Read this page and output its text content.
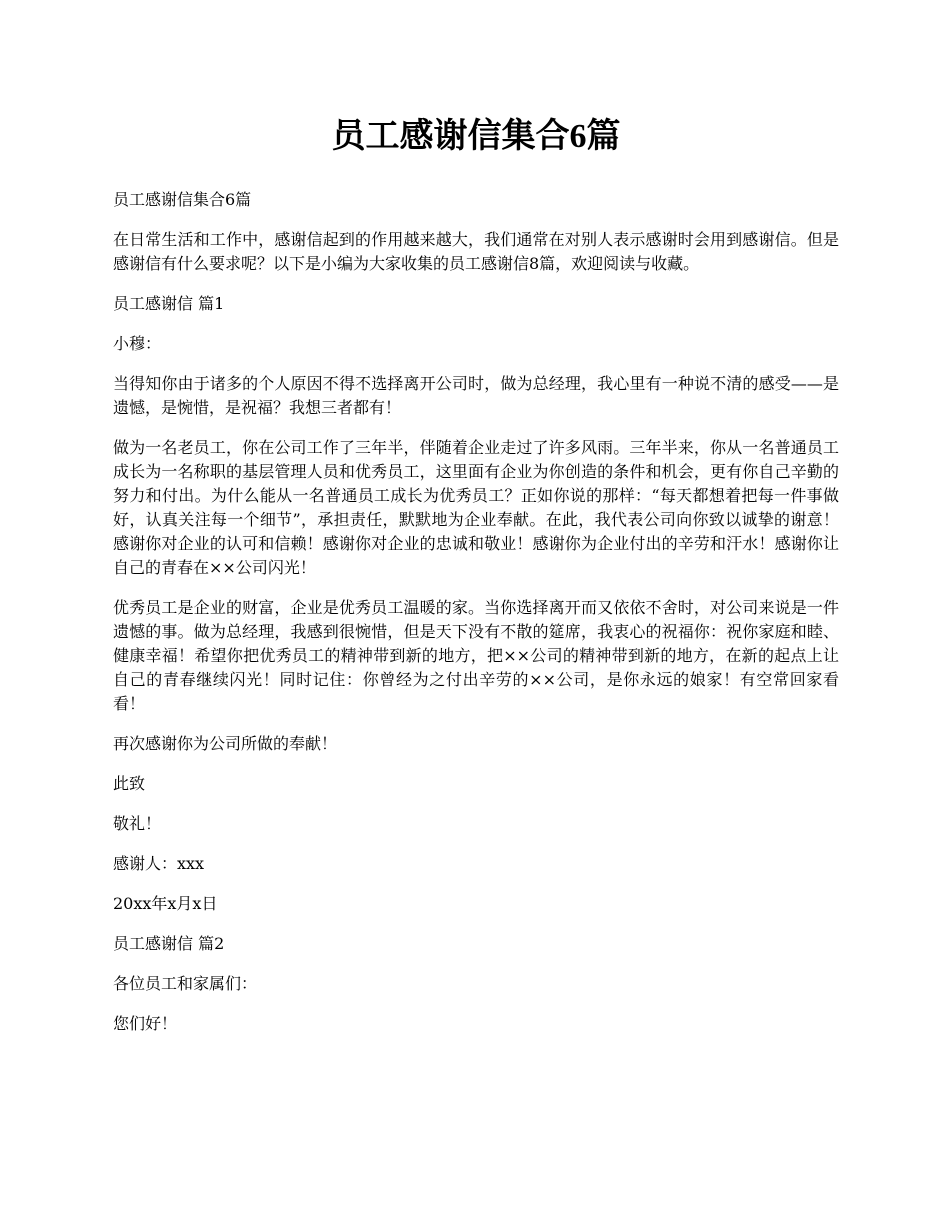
员工感谢信集合6篇

员工感谢信集合6篇

在日常生活和工作中，感谢信起到的作用越来越大，我们通常在对别人表示感谢时会用到感谢信。但是感谢信有什么要求呢？以下是小编为大家收集的员工感谢信8篇，欢迎阅读与收藏。

员工感谢信 篇1

小穆：

当得知你由于诸多的个人原因不得不选择离开公司时，做为总经理，我心里有一种说不清的感受——是遗憾，是惋惜，是祝福？我想三者都有！

做为一名老员工，你在公司工作了三年半，伴随着企业走过了许多风雨。三年半来，你从一名普通员工成长为一名称职的基层管理人员和优秀员工，这里面有企业为你创造的条件和机会，更有你自己辛勤的努力和付出。为什么能从一名普通员工成长为优秀员工？正如你说的那样：“每天都想着把每一件事做好，认真关注每一个细节”，承担责任，默默地为企业奉献。在此，我代表公司向你致以诚挚的谢意！感谢你对企业的认可和信赖！感谢你对企业的忠诚和敬业！感谢你为企业付出的辛劳和汗水！感谢你让自己的青春在××公司闪光！

优秀员工是企业的财富，企业是优秀员工温暖的家。当你选择离开而又依依不舍时，对公司来说是一件遗憾的事。做为总经理，我感到很惋惜，但是天下没有不散的筵席，我衷心的祝福你：祝你家庭和睦、健康幸福！希望你把优秀员工的精神带到新的地方，把××公司的精神带到新的地方，在新的起点上让自己的青春继续闪光！同时记住：你曾经为之付出辛劳的××公司，是你永远的娘家！有空常回家看看！

再次感谢你为公司所做的奉献！

此致

敬礼！

感谢人：xxx

20xx年x月x日

员工感谢信 篇2

各位员工和家属们：

您们好！
